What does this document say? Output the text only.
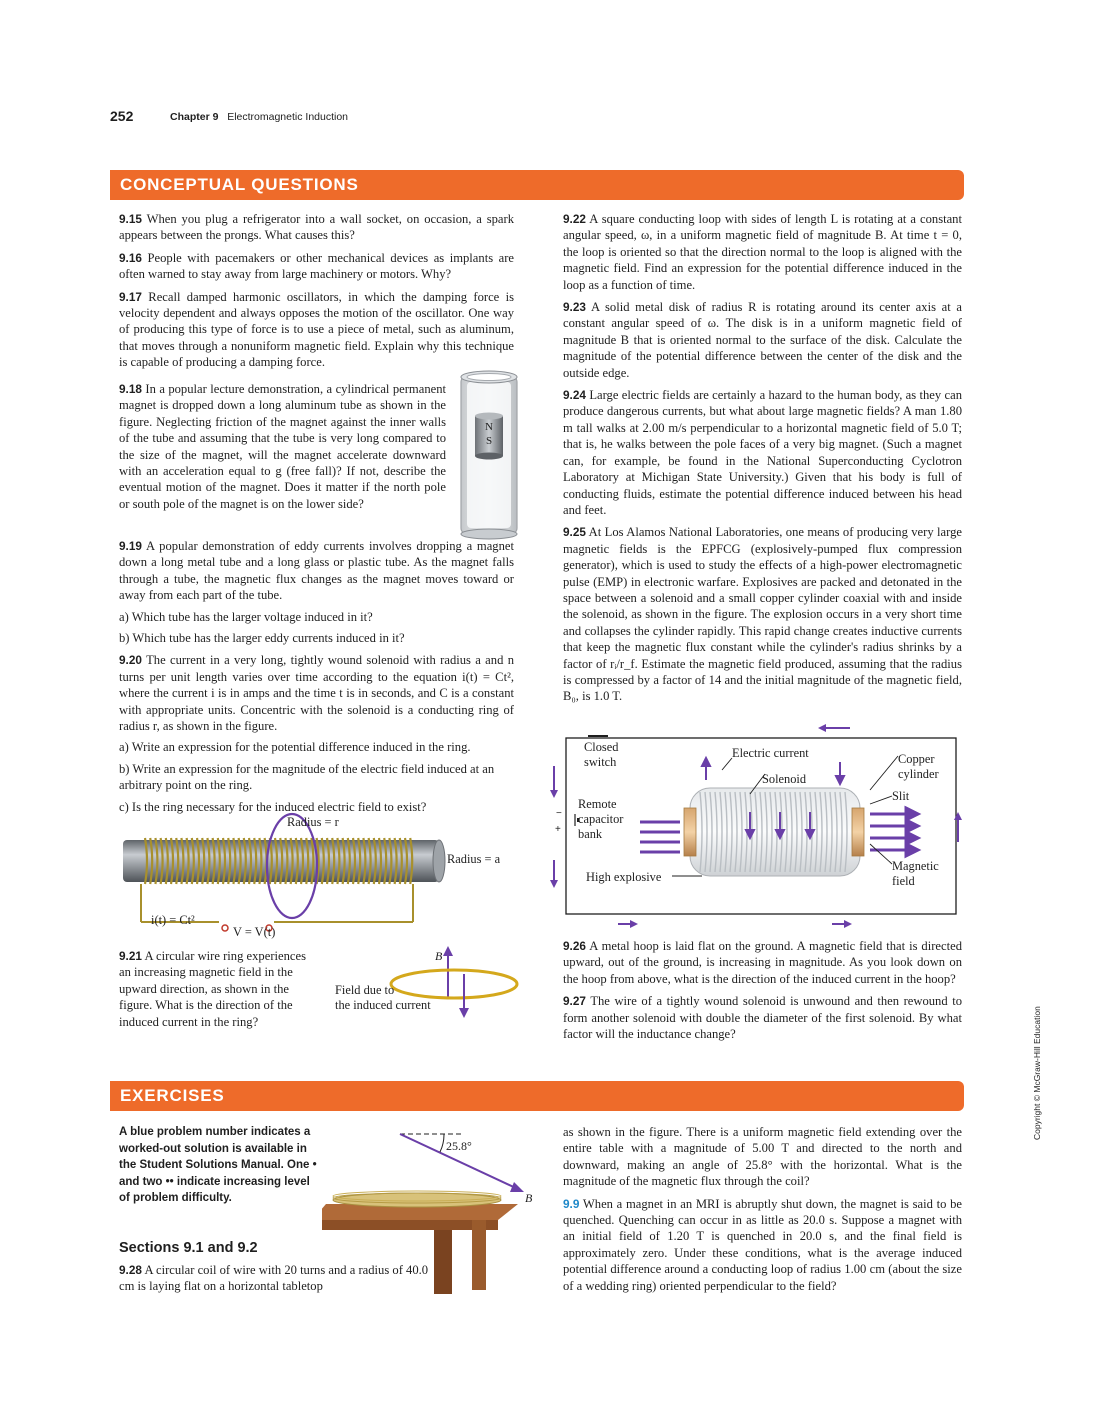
252	Chapter 9 Electromagnetic Induction
CONCEPTUAL QUESTIONS

9.15 When you plug a refrigerator into a wall socket, on occasion, a spark appears between the prongs. What causes this?

9.16 People with pacemakers or other mechanical devices as implants are often warned to stay away from large machinery or motors. Why?

9.17 Recall damped harmonic oscillators, in which the damping force is velocity dependent and always opposes the motion of the oscillator. One way of producing this type of force is to use a piece of metal, such as aluminum, that moves through a nonuniform magnetic field. Explain why this technique is capable of producing a damping force.

9.18 In a popular lecture demonstration, a cylindrical permanent magnet is dropped down a long aluminum tube as shown in the figure. Neglecting friction of the magnet against the inner walls of the tube and assuming that the tube is very long compared to the size of the magnet, will the magnet accelerate downward with an acceleration equal to g (free fall)? If not, describe the eventual motion of the magnet. Does it matter if the north pole or south pole of the magnet is on the lower side?

N
S

9.19 A popular demonstration of eddy currents involves dropping a magnet down a long metal tube and a long glass or plastic tube. As the magnet falls through a tube, the magnetic flux changes as the magnet moves toward or away from each part of the tube.

a) Which tube has the larger voltage induced in it?

b) Which tube has the larger eddy currents induced in it?

9.20 The current in a very long, tightly wound solenoid with radius a and n turns per unit length varies over time according to the equation i(t) = Ct², where the current i is in amps and the time t is in seconds, and C is a constant with appropriate units. Concentric with the solenoid is a conducting ring of radius r, as shown in the figure.

a) Write an expression for the potential difference induced in the ring.

b) Write an expression for the magnitude of the electric field induced at an arbitrary point on the ring.

c) Is the ring necessary for the induced electric field to exist?

Radius = r
Radius = a
i(t) = Ct²
V = V(t)

9.21 A circular wire ring experiences an increasing magnetic field in the upward direction, as shown in the figure. What is the direction of the induced current in the ring?

B
Field due to
the induced current

9.22 A square conducting loop with sides of length L is rotating at a constant angular speed, ω, in a uniform magnetic field of magnitude B. At time t = 0, the loop is oriented so that the direction normal to the loop is aligned with the magnetic field. Find an expression for the potential difference induced in the loop as a function of time.

9.23 A solid metal disk of radius R is rotating around its center axis at a constant angular speed of ω. The disk is in a uniform magnetic field of magnitude B that is oriented normal to the surface of the disk. Calculate the magnitude of the potential difference between the center of the disk and the outside edge.

9.24 Large electric fields are certainly a hazard to the human body, as they can produce dangerous currents, but what about large magnetic fields? A man 1.80 m tall walks at 2.00 m/s perpendicular to a horizontal magnetic field of 5.0 T; that is, he walks between the pole faces of a very big magnet. (Such a magnet can, for example, be found in the National Superconducting Cyclotron Laboratory at Michigan State University.) Given that his body is full of conducting fluids, estimate the potential difference induced between his head and feet.

9.25 At Los Alamos National Laboratories, one means of producing very large magnetic fields is the EPFCG (explosively-pumped flux compression generator), which is used to study the effects of a high-power electromagnetic pulse (EMP) in electronic warfare. Explosives are packed and detonated in the space between a solenoid and a small copper cylinder coaxial with and inside the solenoid, as shown in the figure. The explosion occurs in a very short time and collapses the cylinder rapidly. This rapid change creates inductive currents that keep the magnetic flux constant while the cylinder's radius shrinks by a factor of rᵢ/r_f. Estimate the magnetic field produced, assuming that the radius is compressed by a factor of 14 and the initial magnitude of the magnetic field, B₀, is 1.0 T.

−
+
Closed
switch
Electric current
Solenoid
Copper
cylinder
Slit
Remote
capacitor
bank
High explosive
Magnetic
field

9.26 A metal hoop is laid flat on the ground. A magnetic field that is directed upward, out of the ground, is increasing in magnitude. As you look down on the hoop from above, what is the direction of the induced current in the hoop?

9.27 The wire of a tightly wound solenoid is unwound and then rewound to form another solenoid with double the diameter of the first solenoid. By what factor will the inductance change?

EXERCISES
A blue problem number indicates a worked-out solution is available in the Student Solutions Manual. One • and two •• indicate increasing level of problem difficulty.
25.8°
B
Sections 9.1 and 9.2

9.28 A circular coil of wire with 20 turns and a radius of 40.0 cm is laying flat on a horizontal tabletop

as shown in the figure. There is a uniform magnetic field extending over the entire table with a magnitude of 5.00 T and directed to the north and downward, making an angle of 25.8° with the horizontal. What is the magnitude of the magnetic flux through the coil?

9.9 When a magnet in an MRI is abruptly shut down, the magnet is said to be quenched. Quenching can occur in as little as 20.0 s. Suppose a magnet with an initial field of 1.20 T is quenched in 20.0 s, and the final field is approximately zero. Under these conditions, what is the average induced potential difference around a conducting loop of radius 1.00 cm (about the size of a wedding ring) oriented perpendicular to the field?

Copyright © McGraw-Hill Education
